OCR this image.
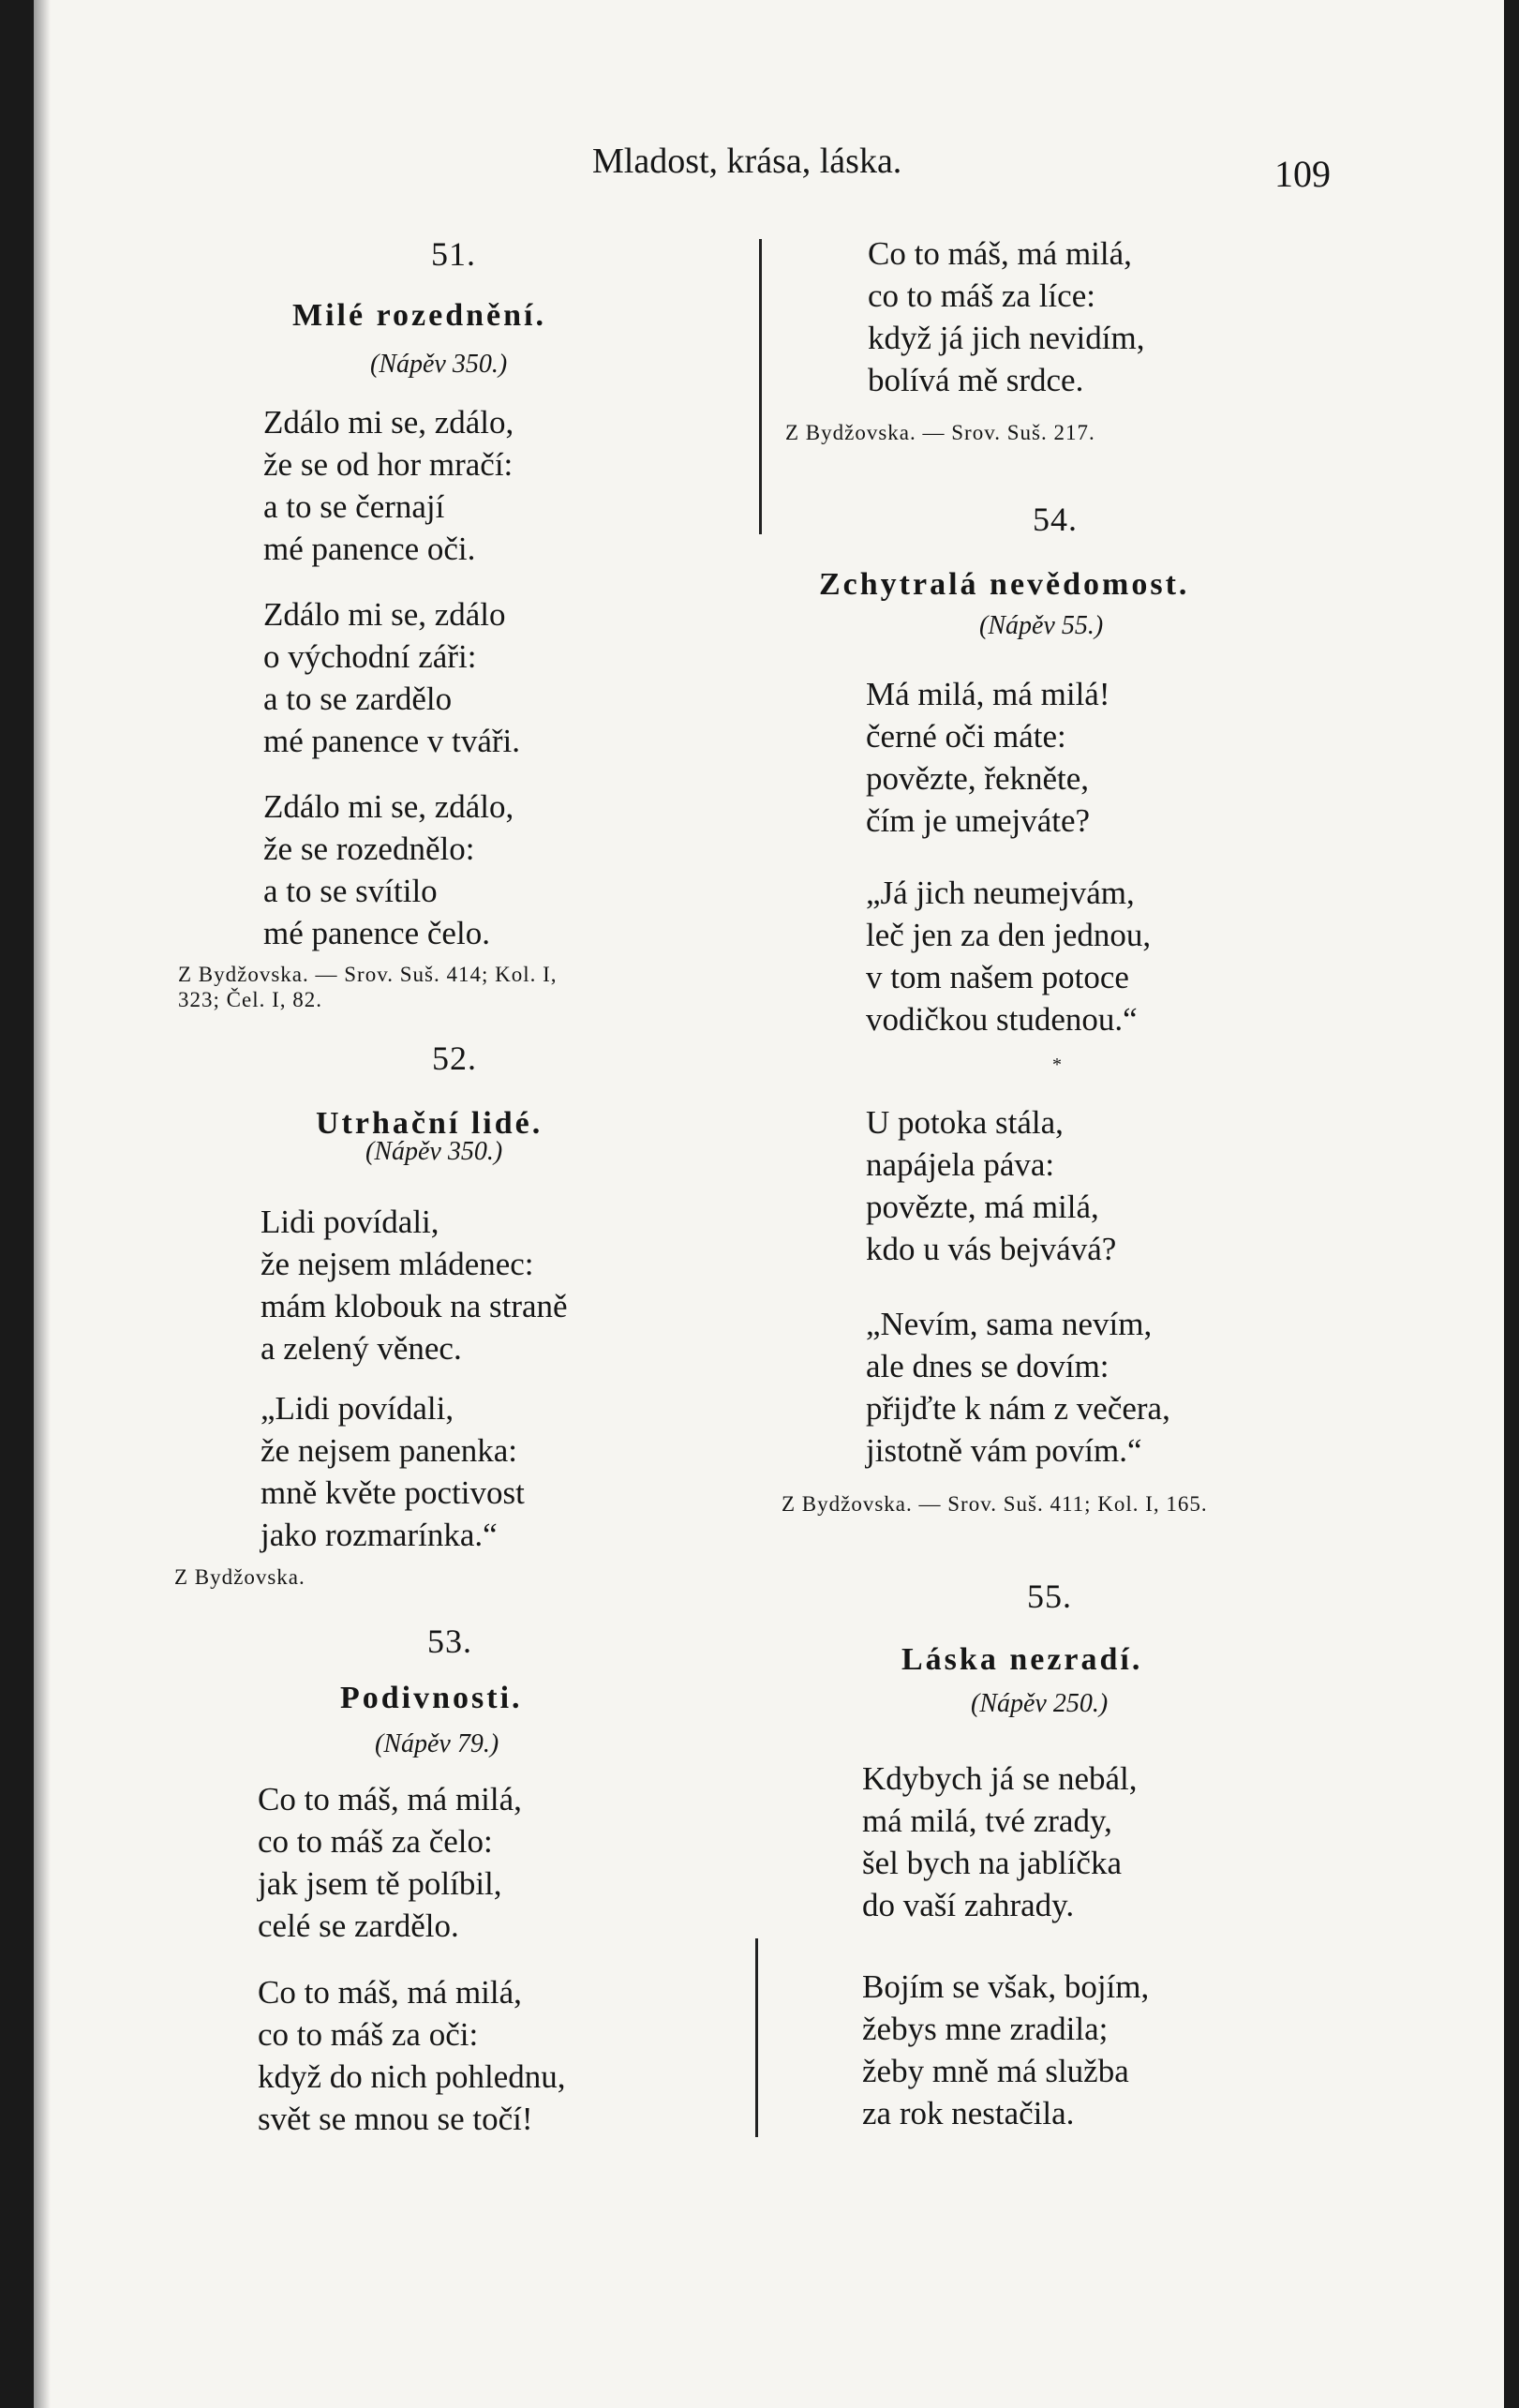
Mladost, krása, láska.	109
51.
Milé rozednění.
(Nápěv 350.)
Zdálo mi se, zdálo,
že se od hor mračí:
a to se černají
mé panence oči.
Zdálo mi se, zdálo
o východní záři:
a to se zardělo
mé panence v tváři.
Zdálo mi se, zdálo,
že se rozednělo:
a to se svítilo
mé panence čelo.
Z Bydžovska. — Srov. Suš. 414; Kol. I,
323; Čel. I, 82.
52.
Utrhační lidé.
(Nápěv 350.)
Lidi povídali,
že nejsem mládenec:
mám klobouk na straně
a zelený věnec.
„Lidi povídali,
že nejsem panenka:
mně květe poctivost
jako rozmarínka.“
Z Bydžovska.
53.
Podivnosti.
(Nápěv 79.)
Co to máš, má milá,
co to máš za čelo:
jak jsem tě políbil,
celé se zardělo.
Co to máš, má milá,
co to máš za oči:
když do nich pohlednu,
svět se mnou se točí!
Co to máš, má milá,
co to máš za líce:
když já jich nevidím,
bolívá mě srdce.
Z Bydžovska. — Srov. Suš. 217.
54.
Zchytralá nevědomost.
(Nápěv 55.)
Má milá, má milá!
černé oči máte:
povězte, řekněte,
čím je umejváte?
„Já jich neumejvám,
leč jen za den jednou,
v tom našem potoce
vodičkou studenou.“
*
U potoka stála,
napájela páva:
povězte, má milá,
kdo u vás bejvává?
„Nevím, sama nevím,
ale dnes se dovím:
přijďte k nám z večera,
jistotně vám povím.“
Z Bydžovska. — Srov. Suš. 411; Kol. I, 165.
55.
Láska nezradí.
(Nápěv 250.)
Kdybych já se nebál,
má milá, tvé zrady,
šel bych na jablíčka
do vaší zahrady.
Bojím se však, bojím,
žebys mne zradila;
žeby mně má služba
za rok nestačila.
